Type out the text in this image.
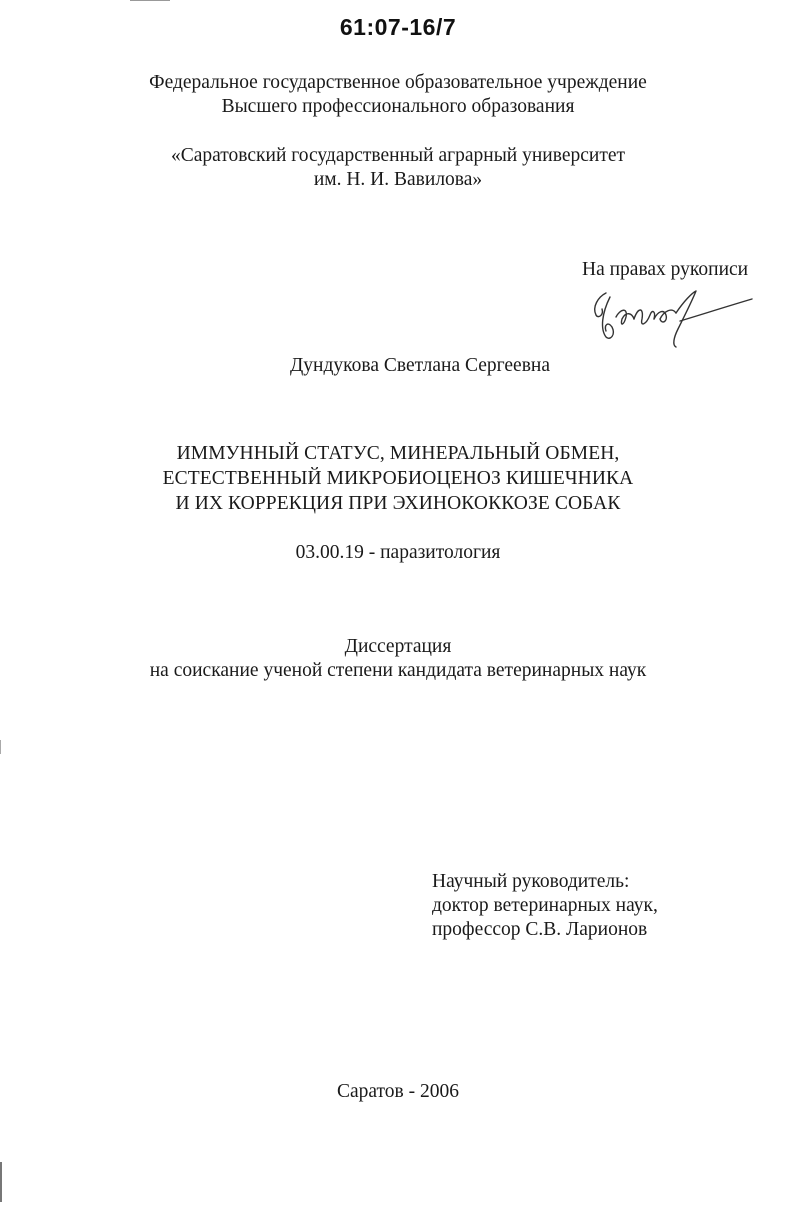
61:07-16/7
Федеральное государственное образовательное учреждение
Высшего профессионального образования
«Саратовский государственный аграрный университет
им. Н. И. Вавилова»
На правах рукописи
Дундукова Светлана Сергеевна
ИММУННЫЙ СТАТУС, МИНЕРАЛЬНЫЙ ОБМЕН,
ЕСТЕСТВЕННЫЙ МИКРОБИОЦЕНОЗ КИШЕЧНИКА
И ИХ КОРРЕКЦИЯ ПРИ ЭХИНОКОККОЗЕ СОБАК
03.00.19 - паразитология
Диссертация
на соискание ученой степени кандидата ветеринарных наук
Научный руководитель:
доктор ветеринарных наук,
профессор С.В. Ларионов
Саратов - 2006
